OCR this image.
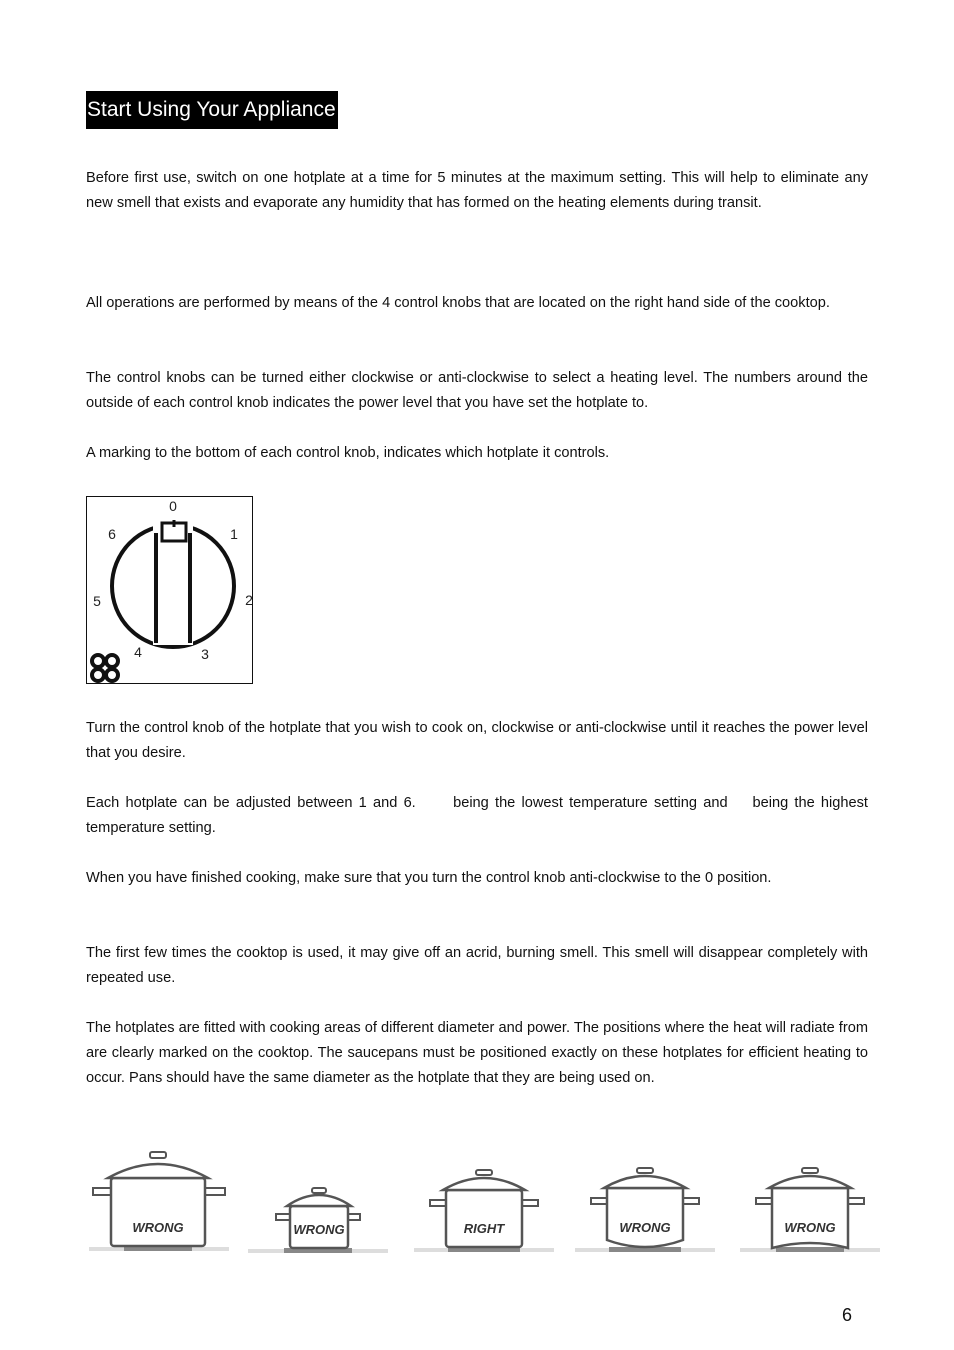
Start Using Your Appliance

Before first use, switch on one hotplate at a time for 5 minutes at the maximum setting. This will help to eliminate any new smell that exists and evaporate any humidity that has formed on the heating elements during transit.

All operations are performed by means of the 4 control knobs that are located on the right hand side of the cooktop.

The control knobs can be turned either clockwise or anti-clockwise to select a heating level. The numbers around the outside of each control knob indicates the power level that you have set the hotplate to.

A marking to the bottom of each control knob, indicates which hotplate it controls.

0
1
2
3
4
5
6

Turn the control knob of the hotplate that you wish to cook on, clockwise or anti-clockwise until it reaches the power level that you desire.

Each hotplate can be adjusted between 1 and 6.      being the lowest temperature setting and    being the highest temperature setting.

When you have finished cooking, make sure that you turn the control knob anti-clockwise to the 0 position.

The first few times the cooktop is used, it may give off an acrid, burning smell. This smell will disappear completely with repeated use.

The hotplates are fitted with cooking areas of different diameter and power. The positions where the heat will radiate from are clearly marked on the cooktop. The saucepans must be positioned exactly on these hotplates for efficient heating to occur. Pans should have the same diameter as the hotplate that they are being used on.

WRONG	WRONG	RIGHT	WRONG	WRONG
6
